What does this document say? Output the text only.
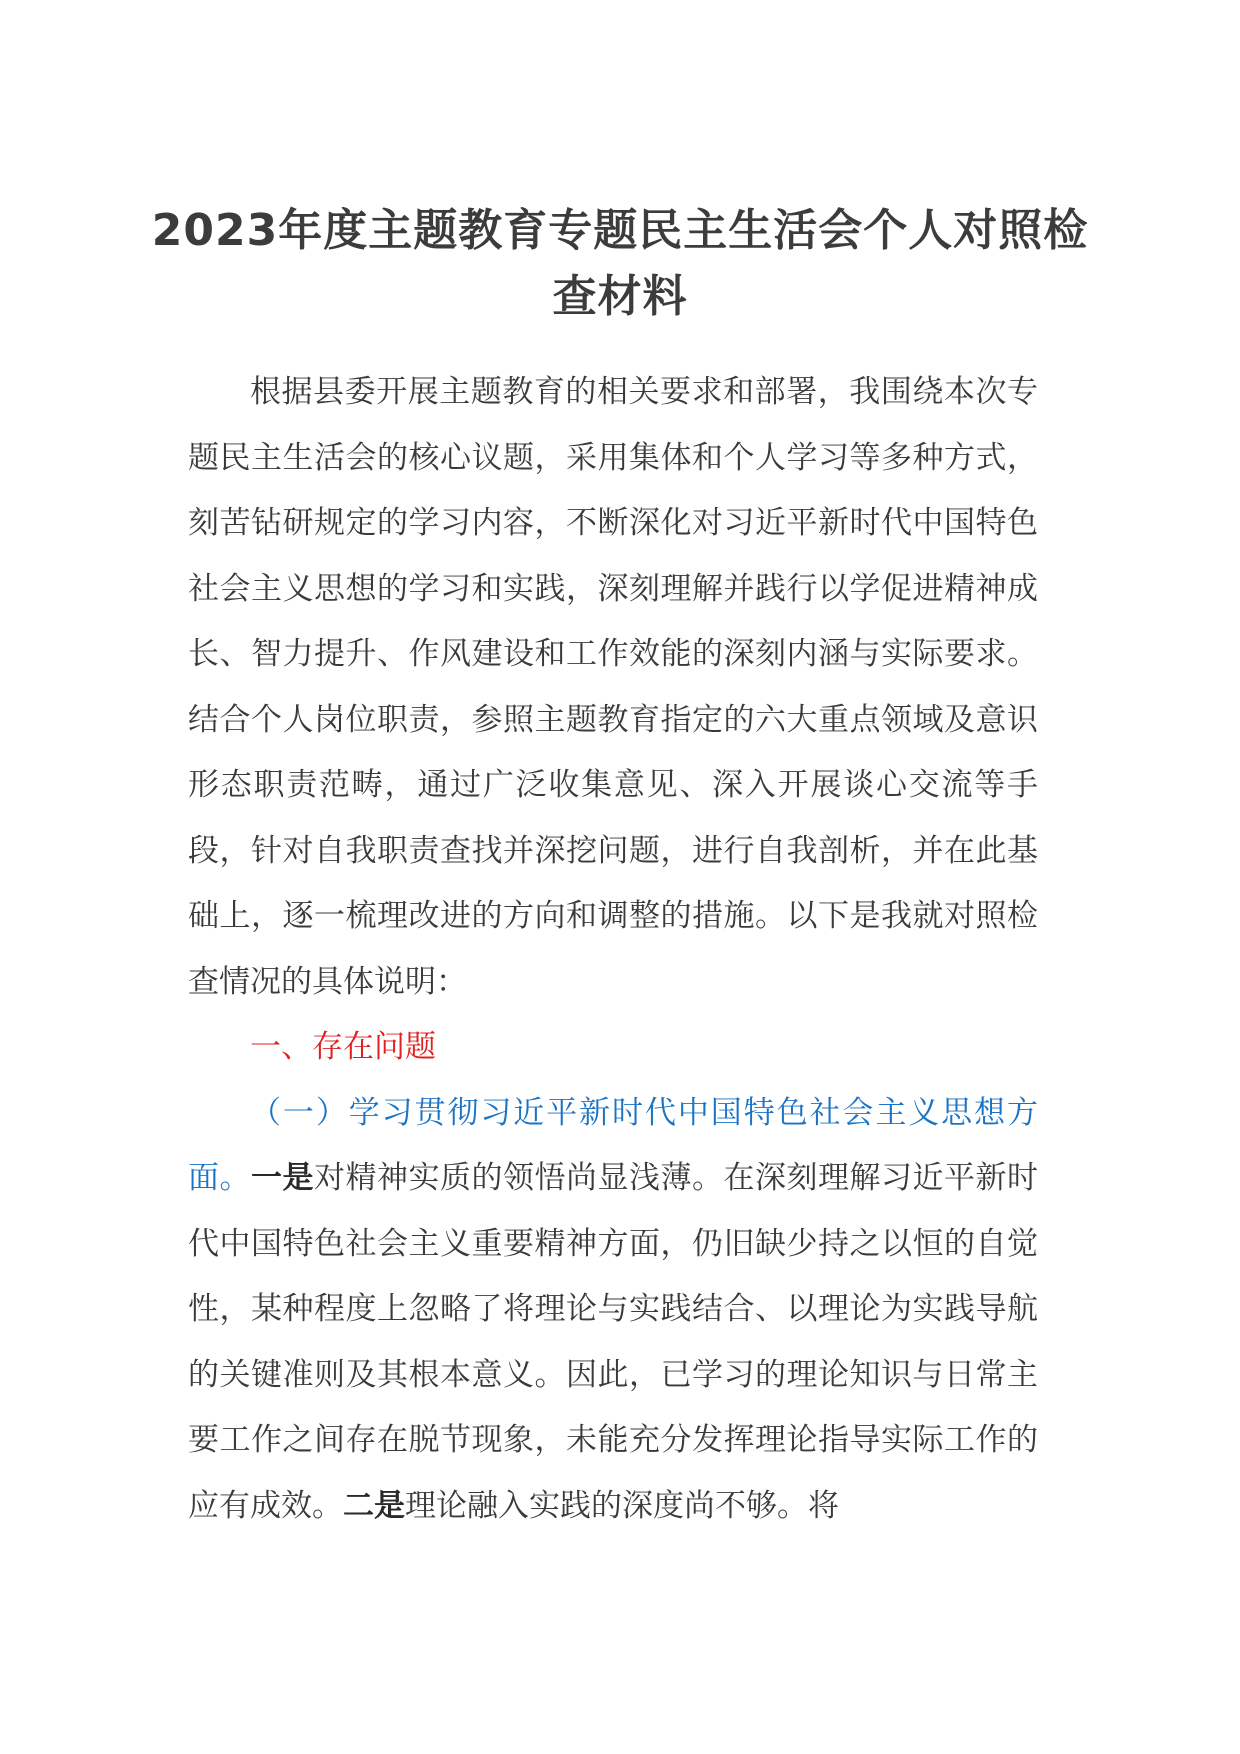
2023年度主题教育专题民主生活会个人对照检查材料

根据县委开展主题教育的相关要求和部署，我围绕本次专题民主生活会的核心议题，采用集体和个人学习等多种方式，刻苦钻研规定的学习内容，不断深化对习近平新时代中国特色社会主义思想的学习和实践，深刻理解并践行以学促进精神成长、智力提升、作风建设和工作效能的深刻内涵与实际要求。结合个人岗位职责，参照主题教育指定的六大重点领域及意识形态职责范畴，通过广泛收集意见、深入开展谈心交流等手段，针对自我职责查找并深挖问题，进行自我剖析，并在此基础上，逐一梳理改进的方向和调整的措施。以下是我就对照检查情况的具体说明：

一、存在问题

（一）学习贯彻习近平新时代中国特色社会主义思想方面。一是对精神实质的领悟尚显浅薄。在深刻理解习近平新时代中国特色社会主义重要精神方面，仍旧缺少持之以恒的自觉性，某种程度上忽略了将理论与实践结合、以理论为实践导航的关键准则及其根本意义。因此，已学习的理论知识与日常主要工作之间存在脱节现象，未能充分发挥理论指导实际工作的应有成效。二是理论融入实践的深度尚不够。将
